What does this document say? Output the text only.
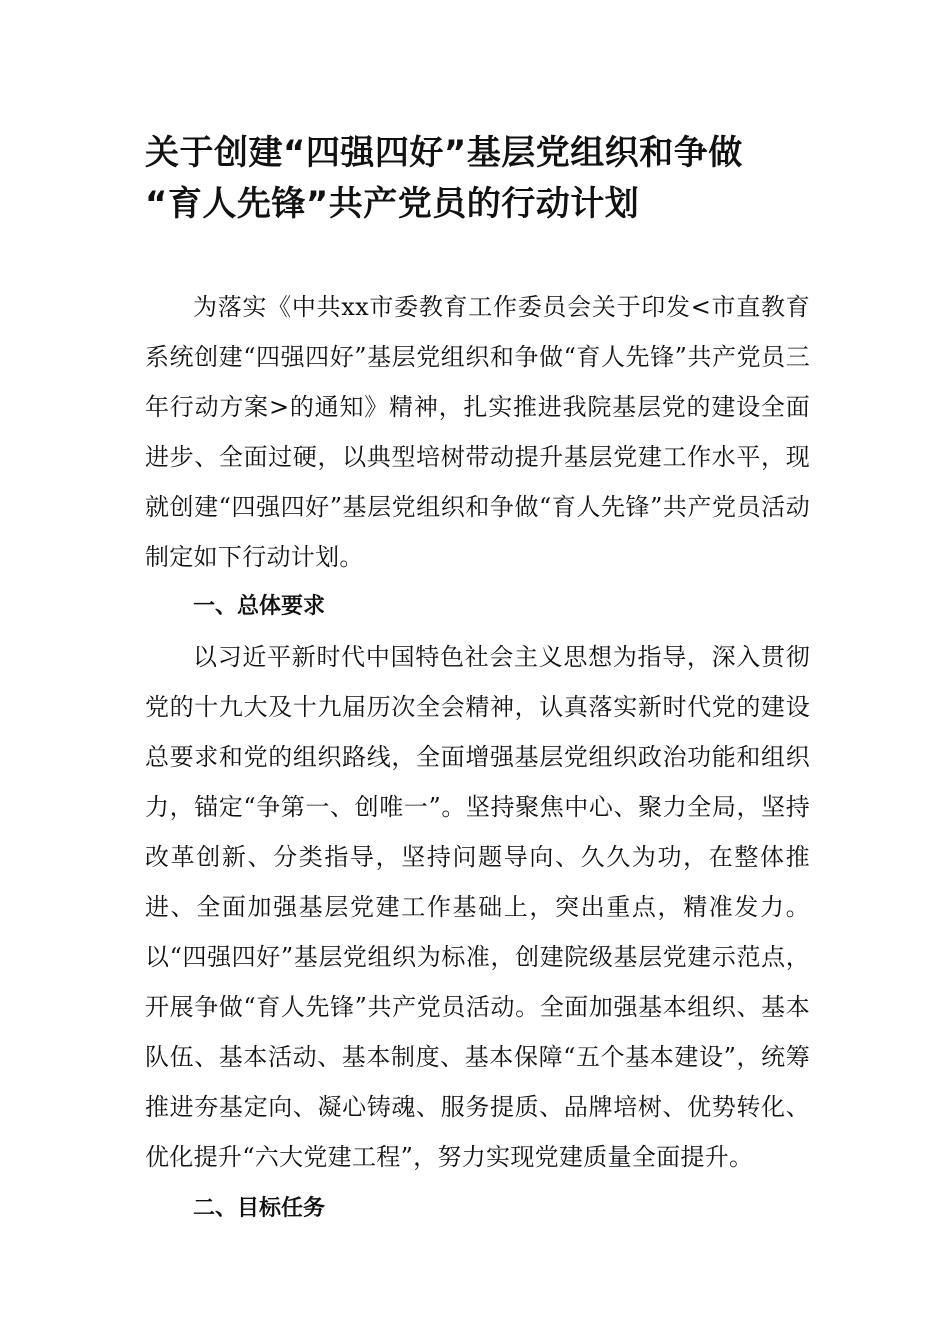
关于创建“四强四好”基层党组织和争做
“育人先锋”共产党员的行动计划

为落实《中共xx市委教育工作委员会关于印发<市直教育系统创建“四强四好”基层党组织和争做“育人先锋”共产党员三年行动方案>的通知》精神，扎实推进我院基层党的建设全面进步、全面过硬，以典型培树带动提升基层党建工作水平，现就创建“四强四好”基层党组织和争做“育人先锋”共产党员活动制定如下行动计划。

一、总体要求

以习近平新时代中国特色社会主义思想为指导，深入贯彻党的十九大及十九届历次全会精神，认真落实新时代党的建设总要求和党的组织路线，全面增强基层党组织政治功能和组织力，锚定“争第一、创唯一”。坚持聚焦中心、聚力全局，坚持改革创新、分类指导，坚持问题导向、久久为功，在整体推进、全面加强基层党建工作基础上，突出重点，精准发力。以“四强四好”基层党组织为标准，创建院级基层党建示范点，开展争做“育人先锋”共产党员活动。全面加强基本组织、基本队伍、基本活动、基本制度、基本保障“五个基本建设”，统筹推进夯基定向、凝心铸魂、服务提质、品牌培树、优势转化、优化提升“六大党建工程”，努力实现党建质量全面提升。

二、目标任务
